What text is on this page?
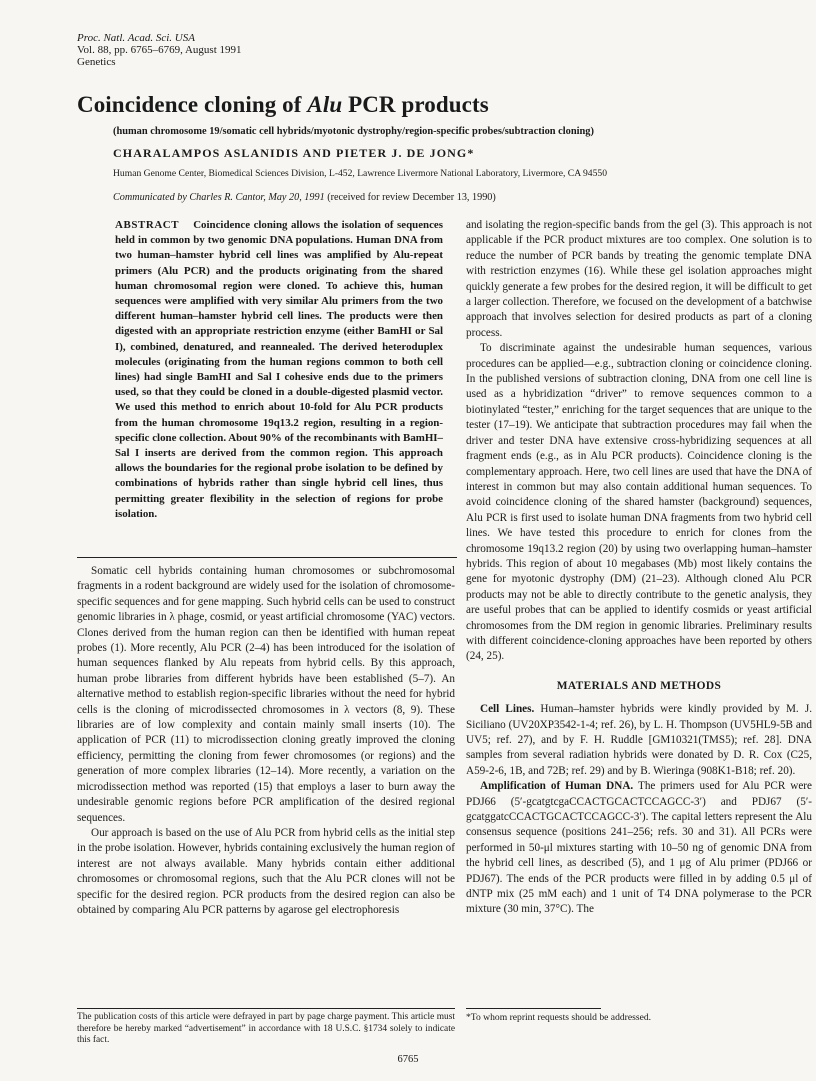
Proc. Natl. Acad. Sci. USA
Vol. 88, pp. 6765–6769, August 1991
Genetics
Coincidence cloning of Alu PCR products
(human chromosome 19/somatic cell hybrids/myotonic dystrophy/region-specific probes/subtraction cloning)
CHARALAMPOS ASLANIDIS AND PIETER J. DE JONG*
Human Genome Center, Biomedical Sciences Division, L-452, Lawrence Livermore National Laboratory, Livermore, CA 94550
Communicated by Charles R. Cantor, May 20, 1991 (received for review December 13, 1990)
ABSTRACT Coincidence cloning allows the isolation of sequences held in common by two genomic DNA populations. Human DNA from two human–hamster hybrid cell lines was amplified by Alu-repeat primers (Alu PCR) and the products originating from the shared human chromosomal region were cloned. To achieve this, human sequences were amplified with very similar Alu primers from the two different human–hamster hybrid cell lines. The products were then digested with an appropriate restriction enzyme (either BamHI or Sal I), combined, denatured, and reannealed. The derived heteroduplex molecules (originating from the human regions common to both cell lines) had single BamHI and Sal I cohesive ends due to the primers used, so that they could be cloned in a double-digested plasmid vector. We used this method to enrich about 10-fold for Alu PCR products from the human chromosome 19q13.2 region, resulting in a region-specific clone collection. About 90% of the recombinants with BamHI–Sal I inserts are derived from the common region. This approach allows the boundaries for the regional probe isolation to be defined by combinations of hybrids rather than single hybrid cell lines, thus permitting greater flexibility in the selection of regions for probe isolation.

Somatic cell hybrids containing human chromosomes or subchromosomal fragments in a rodent background are widely used for the isolation of chromosome-specific sequences and for gene mapping. Such hybrid cells can be used to construct genomic libraries in λ phage, cosmid, or yeast artificial chromosome (YAC) vectors. Clones derived from the human region can then be identified with human repeat probes (1). More recently, Alu PCR (2–4) has been introduced for the isolation of human sequences flanked by Alu repeats from hybrid cells. By this approach, human probe libraries from different hybrids have been established (5–7). An alternative method to establish region-specific libraries without the need for hybrid cells is the cloning of microdissected chromosomes in λ vectors (8, 9). These libraries are of low complexity and contain mainly small inserts (10). The application of PCR (11) to microdissection cloning greatly improved the cloning efficiency, permitting the cloning from fewer chromosomes (or regions) and the generation of more complex libraries (12–14). More recently, a variation on the microdissection method was reported (15) that employs a laser to burn away the undesirable genomic regions before PCR amplification of the desired regional sequences.

Our approach is based on the use of Alu PCR from hybrid cells as the initial step in the probe isolation. However, hybrids containing exclusively the human region of interest are not always available. Many hybrids contain either additional chromosomes or chromosomal regions, such that the Alu PCR clones will not be specific for the desired region. PCR products from the desired region can also be obtained by comparing Alu PCR patterns by agarose gel electrophoresis

and isolating the region-specific bands from the gel (3). This approach is not applicable if the PCR product mixtures are too complex. One solution is to reduce the number of PCR bands by treating the genomic template DNA with restriction enzymes (16). While these gel isolation approaches might quickly generate a few probes for the desired region, it will be difficult to get a larger collection. Therefore, we focused on the development of a batchwise approach that involves selection for desired products as part of a cloning process.

To discriminate against the undesirable human sequences, various procedures can be applied—e.g., subtraction cloning or coincidence cloning. In the published versions of subtraction cloning, DNA from one cell line is used as a hybridization “driver” to remove sequences common to a biotinylated “tester,” enriching for the target sequences that are unique to the tester (17–19). We anticipate that subtraction procedures may fail when the driver and tester DNA have extensive cross-hybridizing sequences at all fragment ends (e.g., as in Alu PCR products). Coincidence cloning is the complementary approach. Here, two cell lines are used that have the DNA of interest in common but may also contain additional human sequences. To avoid coincidence cloning of the shared hamster (background) sequences, Alu PCR is first used to isolate human DNA fragments from two hybrid cell lines. We have tested this procedure to enrich for clones from the chromosome 19q13.2 region (20) by using two overlapping human–hamster hybrids. This region of about 10 megabases (Mb) most likely contains the gene for myotonic dystrophy (DM) (21–23). Although cloned Alu PCR products may not be able to directly contribute to the genetic analysis, they are useful probes that can be applied to identify cosmids or yeast artificial chromosomes from the DM region in genomic libraries. Preliminary results with different coincidence-cloning approaches have been reported by others (24, 25).

MATERIALS AND METHODS

Cell Lines. Human–hamster hybrids were kindly provided by M. J. Siciliano (UV20XP3542-1-4; ref. 26), by L. H. Thompson (UV5HL9-5B and UV5; ref. 27), and by F. H. Ruddle [GM10321(TMS5); ref. 28]. DNA samples from several radiation hybrids were donated by D. R. Cox (C25, A59-2-6, 1B, and 72B; ref. 29) and by B. Wieringa (908K1-B18; ref. 20).

Amplification of Human DNA. The primers used for Alu PCR were PDJ66 (5′-gcatgtcgaCCACTGCACTCCAGCC-3′) and PDJ67 (5′-gcatggatcCCACTGCACTCCAGCC-3′). The capital letters represent the Alu consensus sequence (positions 241–256; refs. 30 and 31). All PCRs were performed in 50-μl mixtures starting with 10–50 ng of genomic DNA from the hybrid cell lines, as described (5), and 1 μg of Alu primer (PDJ66 or PDJ67). The ends of the PCR products were filled in by adding 0.5 μl of dNTP mix (25 mM each) and 1 unit of T4 DNA polymerase to the PCR mixture (30 min, 37°C). The

The publication costs of this article were defrayed in part by page charge payment. This article must therefore be hereby marked “advertisement” in accordance with 18 U.S.C. §1734 solely to indicate this fact.
*To whom reprint requests should be addressed.
6765
